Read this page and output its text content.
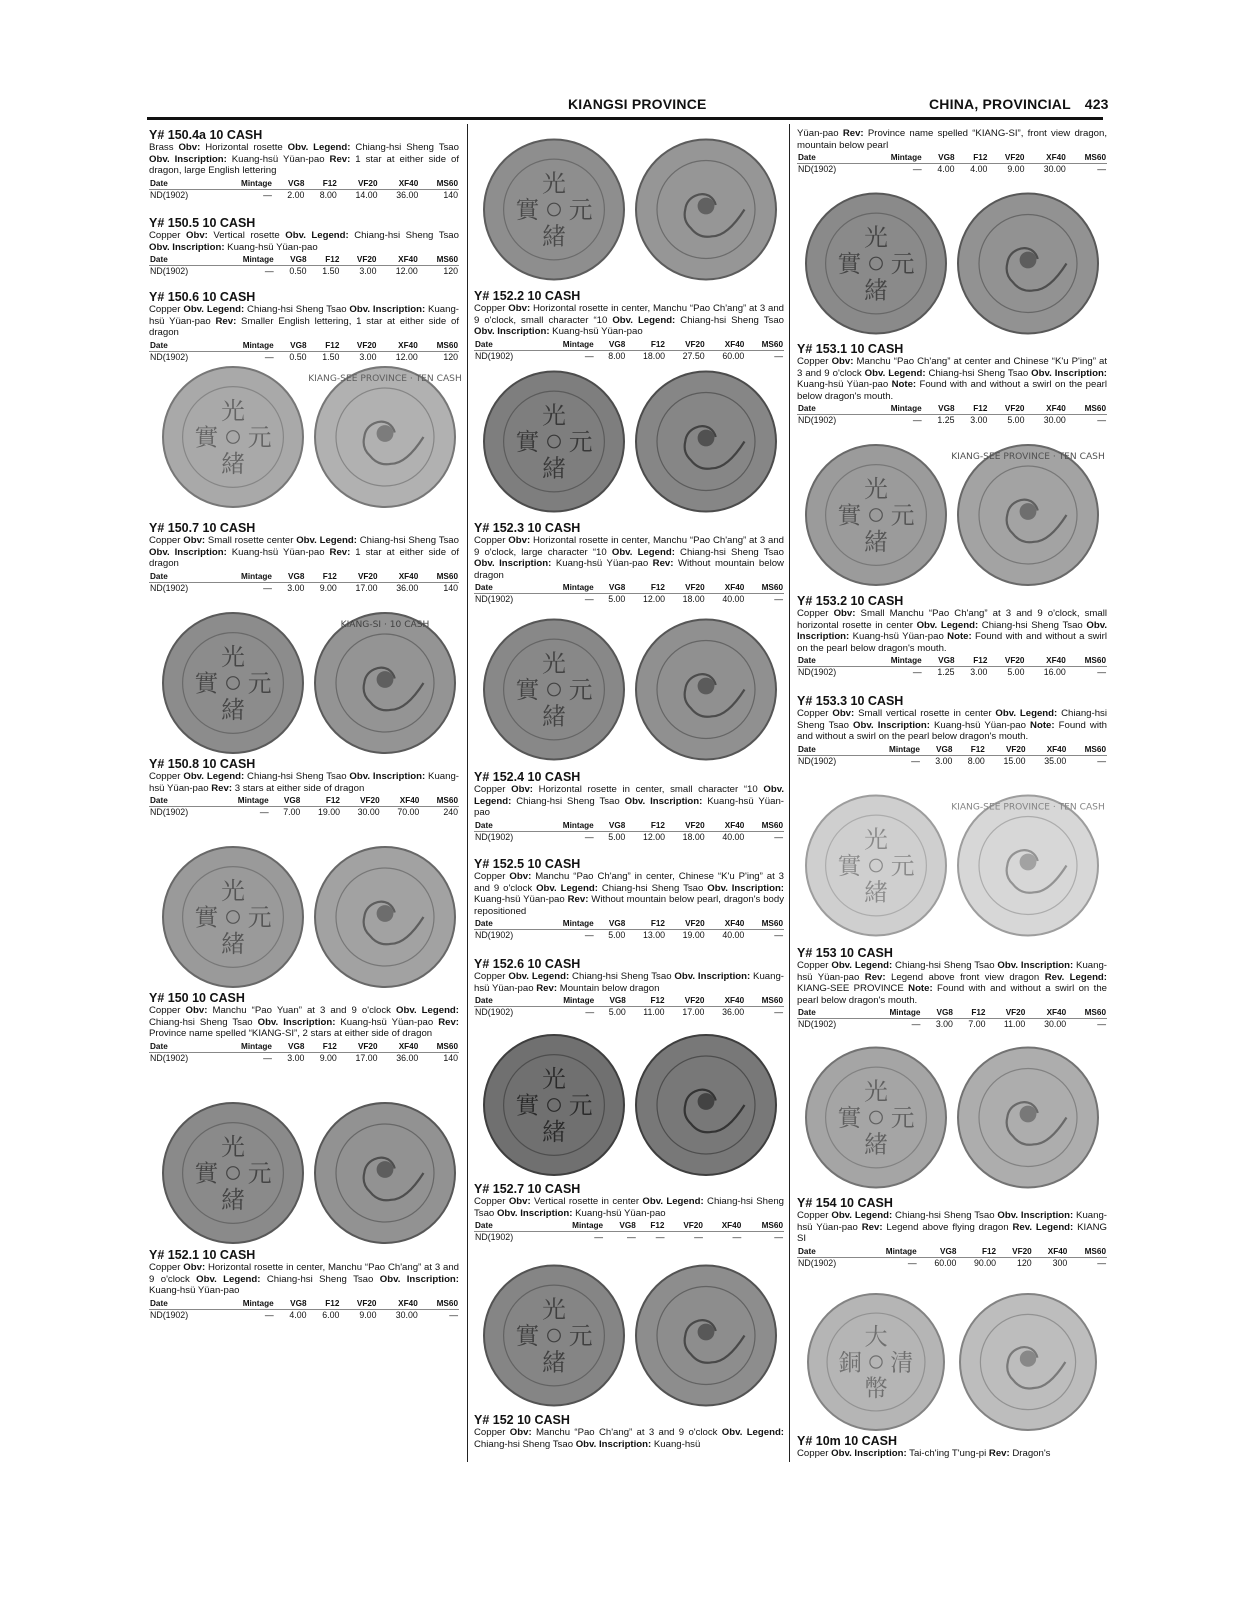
KIANGSI PROVINCE	CHINA, PROVINCIAL 423
Y# 150.4a 10 CASH
Brass Obv: Horizontal rosette Obv. Legend: Chiang-hsi Sheng Tsao Obv. Inscription: Kuang-hsü Yüan-pao Rev: 1 star at either side of dragon, large English lettering
Date	Mintage	VG8	F12	VF20	XF40	MS60
ND(1902)	—	2.00	8.00	14.00	36.00	140
Y# 150.5 10 CASH
Copper Obv: Vertical rosette Obv. Legend: Chiang-hsi Sheng Tsao Obv. Inscription: Kuang-hsü Yüan-pao
Date	Mintage	VG8	F12	VF20	XF40	MS60
ND(1902)	—	0.50	1.50	3.00	12.00	120
Y# 150.6 10 CASH
Copper Obv. Legend: Chiang-hsi Sheng Tsao Obv. Inscription: Kuang-hsü Yüan-pao Rev: Smaller English lettering, 1 star at either side of dragon
Date	Mintage	VG8	F12	VF20	XF40	MS60
ND(1902)	—	0.50	1.50	3.00	12.00	120
Y# 150.7 10 CASH
Copper Obv: Small rosette center Obv. Legend: Chiang-hsi Sheng Tsao Obv. Inscription: Kuang-hsü Yüan-pao Rev: 1 star at either side of dragon
Date	Mintage	VG8	F12	VF20	XF40	MS60
ND(1902)	—	3.00	9.00	17.00	36.00	140
Y# 150.8 10 CASH
Copper Obv. Legend: Chiang-hsi Sheng Tsao Obv. Inscription: Kuang-hsü Yüan-pao Rev: 3 stars at either side of dragon
Date	Mintage	VG8	F12	VF20	XF40	MS60
ND(1902)	—	7.00	19.00	30.00	70.00	240
Y# 150 10 CASH
Copper Obv: Manchu “Pao Yuan” at 3 and 9 o'clock Obv. Legend: Chiang-hsi Sheng Tsao Obv. Inscription: Kuang-hsü Yüan-pao Rev: Province name spelled “KIANG-SI”, 2 stars at either side of dragon
Date	Mintage	VG8	F12	VF20	XF40	MS60
ND(1902)	—	3.00	9.00	17.00	36.00	140
Y# 152.1 10 CASH
Copper Obv: Horizontal rosette in center, Manchu “Pao Ch'ang” at 3 and 9 o'clock Obv. Legend: Chiang-hsi Sheng Tsao Obv. Inscription: Kuang-hsü Yüan-pao
Date	Mintage	VG8	F12	VF20	XF40	MS60
ND(1902)	—	4.00	6.00	9.00	30.00	—
Y# 152.2 10 CASH
Copper Obv: Horizontal rosette in center, Manchu “Pao Ch'ang” at 3 and 9 o'clock, small character “10 Obv. Legend: Chiang-hsi Sheng Tsao Obv. Inscription: Kuang-hsü Yüan-pao
Date	Mintage	VG8	F12	VF20	XF40	MS60
ND(1902)	—	8.00	18.00	27.50	60.00	—
Y# 152.3 10 CASH
Copper Obv: Horizontal rosette in center, Manchu “Pao Ch'ang” at 3 and 9 o'clock, large character “10 Obv. Legend: Chiang-hsi Sheng Tsao Obv. Inscription: Kuang-hsü Yüan-pao Rev: Without mountain below dragon
Date	Mintage	VG8	F12	VF20	XF40	MS60
ND(1902)	—	5.00	12.00	18.00	40.00	—
Y# 152.4 10 CASH
Copper Obv: Horizontal rosette in center, small character “10 Obv. Legend: Chiang-hsi Sheng Tsao Obv. Inscription: Kuang-hsü Yüan-pao
Date	Mintage	VG8	F12	VF20	XF40	MS60
ND(1902)	—	5.00	12.00	18.00	40.00	—
Y# 152.5 10 CASH
Copper Obv: Manchu “Pao Ch'ang” in center, Chinese “K'u P'ing” at 3 and 9 o'clock Obv. Legend: Chiang-hsi Sheng Tsao Obv. Inscription: Kuang-hsü Yüan-pao Rev: Without mountain below pearl, dragon's body repositioned
Date	Mintage	VG8	F12	VF20	XF40	MS60
ND(1902)	—	5.00	13.00	19.00	40.00	—
Y# 152.6 10 CASH
Copper Obv. Legend: Chiang-hsi Sheng Tsao Obv. Inscription: Kuang-hsü Yüan-pao Rev: Mountain below dragon
Date	Mintage	VG8	F12	VF20	XF40	MS60
ND(1902)	—	5.00	11.00	17.00	36.00	—
Y# 152.7 10 CASH
Copper Obv: Vertical rosette in center Obv. Legend: Chiang-hsi Sheng Tsao Obv. Inscription: Kuang-hsü Yüan-pao
Date	Mintage	VG8	F12	VF20	XF40	MS60
ND(1902)	—	—	—	—	—	—
Y# 152 10 CASH
Copper Obv: Manchu “Pao Ch'ang” at 3 and 9 o'clock Obv. Legend: Chiang-hsi Sheng Tsao Obv. Inscription: Kuang-hsü
Yüan-pao Rev: Province name spelled “KIANG-SI”, front view dragon, mountain below pearl
Date	Mintage	VG8	F12	VF20	XF40	MS60
ND(1902)	—	4.00	4.00	9.00	30.00	—
Y# 153.1 10 CASH
Copper Obv: Manchu “Pao Ch'ang” at center and Chinese “K'u P'ing” at 3 and 9 o'clock Obv. Legend: Chiang-hsi Sheng Tsao Obv. Inscription: Kuang-hsü Yüan-pao Note: Found with and without a swirl on the pearl below dragon's mouth.
Date	Mintage	VG8	F12	VF20	XF40	MS60
ND(1902)	—	1.25	3.00	5.00	30.00	—
Y# 153.2 10 CASH
Copper Obv: Small Manchu “Pao Ch'ang” at 3 and 9 o'clock, small horizontal rosette in center Obv. Legend: Chiang-hsi Sheng Tsao Obv. Inscription: Kuang-hsü Yüan-pao Note: Found with and without a swirl on the pearl below dragon's mouth.
Date	Mintage	VG8	F12	VF20	XF40	MS60
ND(1902)	—	1.25	3.00	5.00	16.00	—
Y# 153.3 10 CASH
Copper Obv: Small vertical rosette in center Obv. Legend: Chiang-hsi Sheng Tsao Obv. Inscription: Kuang-hsü Yüan-pao Note: Found with and without a swirl on the pearl below dragon's mouth.
Date	Mintage	VG8	F12	VF20	XF40	MS60
ND(1902)	—	3.00	8.00	15.00	35.00	—
Y# 153 10 CASH
Copper Obv. Legend: Chiang-hsi Sheng Tsao Obv. Inscription: Kuang-hsü Yüan-pao Rev: Legend above front view dragon Rev. Legend: KIANG-SEE PROVINCE Note: Found with and without a swirl on the pearl below dragon's mouth.
Date	Mintage	VG8	F12	VF20	XF40	MS60
ND(1902)	—	3.00	7.00	11.00	30.00	—
Y# 154 10 CASH
Copper Obv. Legend: Chiang-hsi Sheng Tsao Obv. Inscription: Kuang-hsü Yüan-pao Rev: Legend above flying dragon Rev. Legend: KIANG SI
Date	Mintage	VG8	F12	VF20	XF40	MS60
ND(1902)	—	60.00	90.00	120	300	—
Y# 10m 10 CASH
Copper Obv. Inscription: Tai-ch'ing T'ung-pi Rev: Dragon's
光
元
實
緒
KIANG-SEE PROVINCE · TEN CASH
光
元
實
緒
KIANG-SI · 10 CASH
光
元
實
緒
光
元
實
緒
光
元
實
緒
光
元
實
緒
光
元
實
緒
光
元
實
緒
光
元
實
緒
光
元
實
緒
光
元
實
緒
KIANG-SEE PROVINCE · TEN CASH
光
元
實
緒
KIANG-SEE PROVINCE · TEN CASH
光
元
實
緒
大
清
銅
幣
